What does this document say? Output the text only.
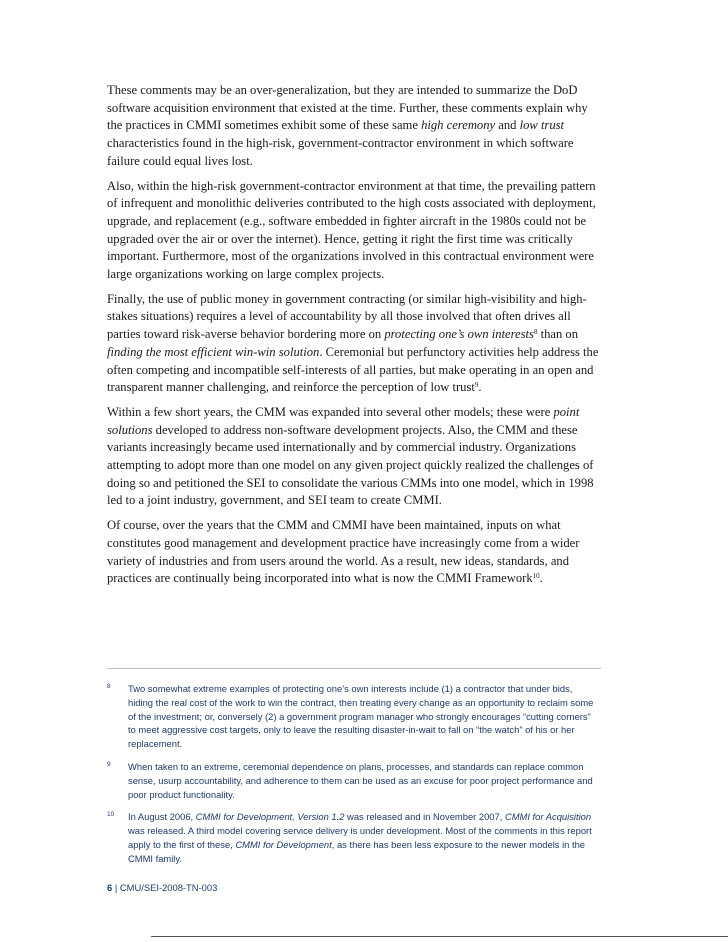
These comments may be an over-generalization, but they are intended to summarize the DoD software acquisition environment that existed at the time. Further, these comments explain why the practices in CMMI sometimes exhibit some of these same high ceremony and low trust characteristics found in the high-risk, government-contractor environment in which software failure could equal lives lost.

Also, within the high-risk government-contractor environment at that time, the prevailing pattern of infrequent and monolithic deliveries contributed to the high costs associated with deployment, upgrade, and replacement (e.g., software embedded in fighter aircraft in the 1980s could not be upgraded over the air or over the internet). Hence, getting it right the first time was critically important. Furthermore, most of the organizations involved in this contractual environment were large organizations working on large complex projects.

Finally, the use of public money in government contracting (or similar high-visibility and high-stakes situations) requires a level of accountability by all those involved that often drives all parties toward risk-averse behavior bordering more on protecting one’s own interests$^8$ than on finding the most efficient win-win solution. Ceremonial but perfunctory activities help address the often competing and incompatible self-interests of all parties, but make operating in an open and transparent manner challenging, and reinforce the perception of low trust$^9$.

Within a few short years, the CMM was expanded into several other models; these were point solutions developed to address non-software development projects. Also, the CMM and these variants increasingly became used internationally and by commercial industry. Organizations attempting to adopt more than one model on any given project quickly realized the challenges of doing so and petitioned the SEI to consolidate the various CMMs into one model, which in 1998 led to a joint industry, government, and SEI team to create CMMI.

Of course, over the years that the CMM and CMMI have been maintained, inputs on what constitutes good management and development practice have increasingly come from a wider variety of industries and from users around the world. As a result, new ideas, standards, and practices are continually being incorporated into what is now the CMMI Framework$^{10}$.

8 Two somewhat extreme examples of protecting one’s own interests include (1) a contractor that under bids, hiding the real cost of the work to win the contract, then treating every change as an opportunity to reclaim some of the investment; or, conversely (2) a government program manager who strongly encourages “cutting corners” to meet aggressive cost targets, only to leave the resulting disaster-in-wait to fall on “the watch” of his or her replacement.
9 When taken to an extreme, ceremonial dependence on plans, processes, and standards can replace common sense, usurp accountability, and adherence to them can be used as an excuse for poor project performance and poor product functionality.
10 In August 2006, CMMI for Development, Version 1.2 was released and in November 2007, CMMI for Acquisition was released. A third model covering service delivery is under development. Most of the comments in this report apply to the first of these, CMMI for Development, as there has been less exposure to the newer models in the CMMI family.
6 | CMU/SEI-2008-TN-003
